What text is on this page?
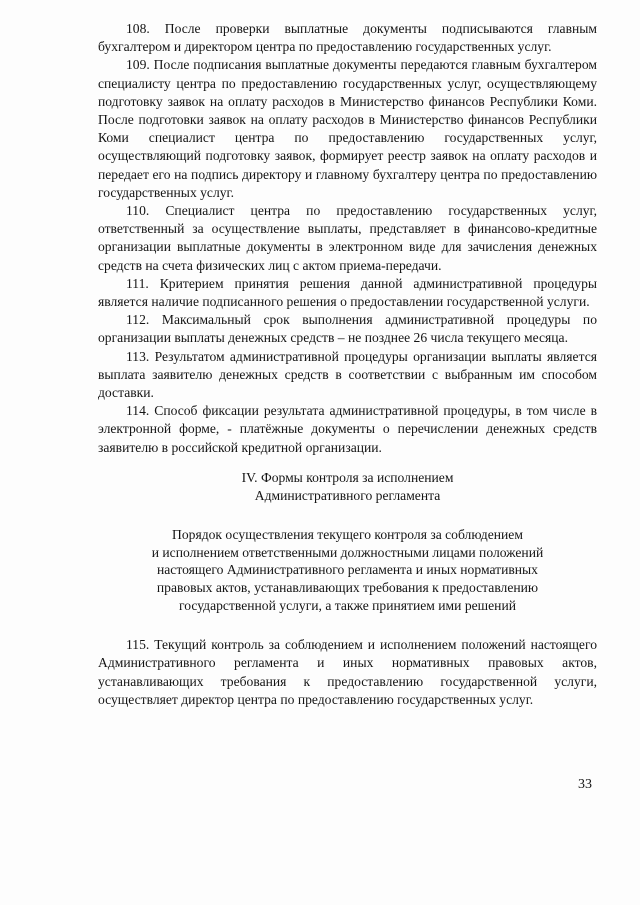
108. После проверки выплатные документы подписываются главным бухгалтером и директором центра по предоставлению государственных услуг.

109. После подписания выплатные документы передаются главным бухгалтером специалисту центра по предоставлению государственных услуг, осуществляющему подготовку заявок на оплату расходов в Министерство финансов Республики Коми. После подготовки заявок на оплату расходов в Министерство финансов Республики Коми специалист центра по предоставлению государственных услуг, осуществляющий подготовку заявок, формирует реестр заявок на оплату расходов и передает его на подпись директору и главному бухгалтеру центра по предоставлению государственных услуг.

110. Специалист центра по предоставлению государственных услуг, ответственный за осуществление выплаты, представляет в финансово-кредитные организации выплатные документы в электронном виде для зачисления денежных средств на счета физических лиц с актом приема-передачи.

111. Критерием принятия решения данной административной процедуры является наличие подписанного решения о предоставлении государственной услуги.

112. Максимальный срок выполнения административной процедуры по организации выплаты денежных средств – не позднее 26 числа текущего месяца.

113. Результатом административной процедуры организации выплаты является выплата заявителю денежных средств в соответствии с выбранным им способом доставки.

114. Способ фиксации результата административной процедуры, в том числе в электронной форме, - платёжные документы о перечислении денежных средств заявителю в российской кредитной организации.

IV. Формы контроля за исполнением
Административного регламента
Порядок осуществления текущего контроля за соблюдением
и исполнением ответственными должностными лицами положений
настоящего Административного регламента и иных нормативных
правовых актов, устанавливающих требования к предоставлению
государственной услуги, а также принятием ими решений

115. Текущий контроль за соблюдением и исполнением положений настоящего Административного регламента и иных нормативных правовых актов, устанавливающих требования к предоставлению государственной услуги, осуществляет директор центра по предоставлению государственных услуг.

33
